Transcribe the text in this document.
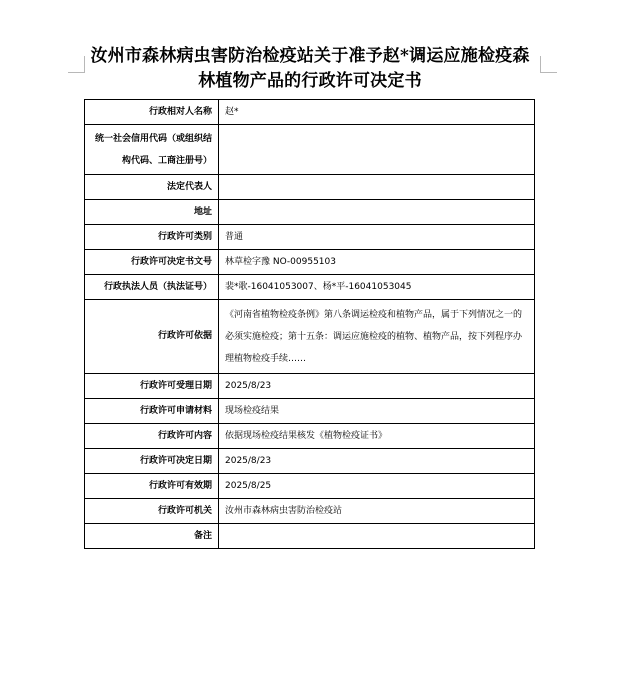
汝州市森林病虫害防治检疫站关于准予赵*调运应施检疫森林植物产品的行政许可决定书
行政相对人名称	赵*
统一社会信用代码（或组织结构代码、工商注册号）	
法定代表人	
地址	
行政许可类别	普通
行政许可决定书文号	林草检字豫 NO-00955103
行政执法人员（执法证号）	裴*歌-16041053007、杨*平-16041053045
行政许可依据	《河南省植物检疫条例》第八条调运检疫和植物产品，属于下列情况之一的必须实施检疫；第十五条：调运应施检疫的植物、植物产品，按下列程序办理植物检疫手续……
行政许可受理日期	2025/8/23
行政许可申请材料	现场检疫结果
行政许可内容	依据现场检疫结果核发《植物检疫证书》
行政许可决定日期	2025/8/23
行政许可有效期	2025/8/25
行政许可机关	汝州市森林病虫害防治检疫站
备注	
